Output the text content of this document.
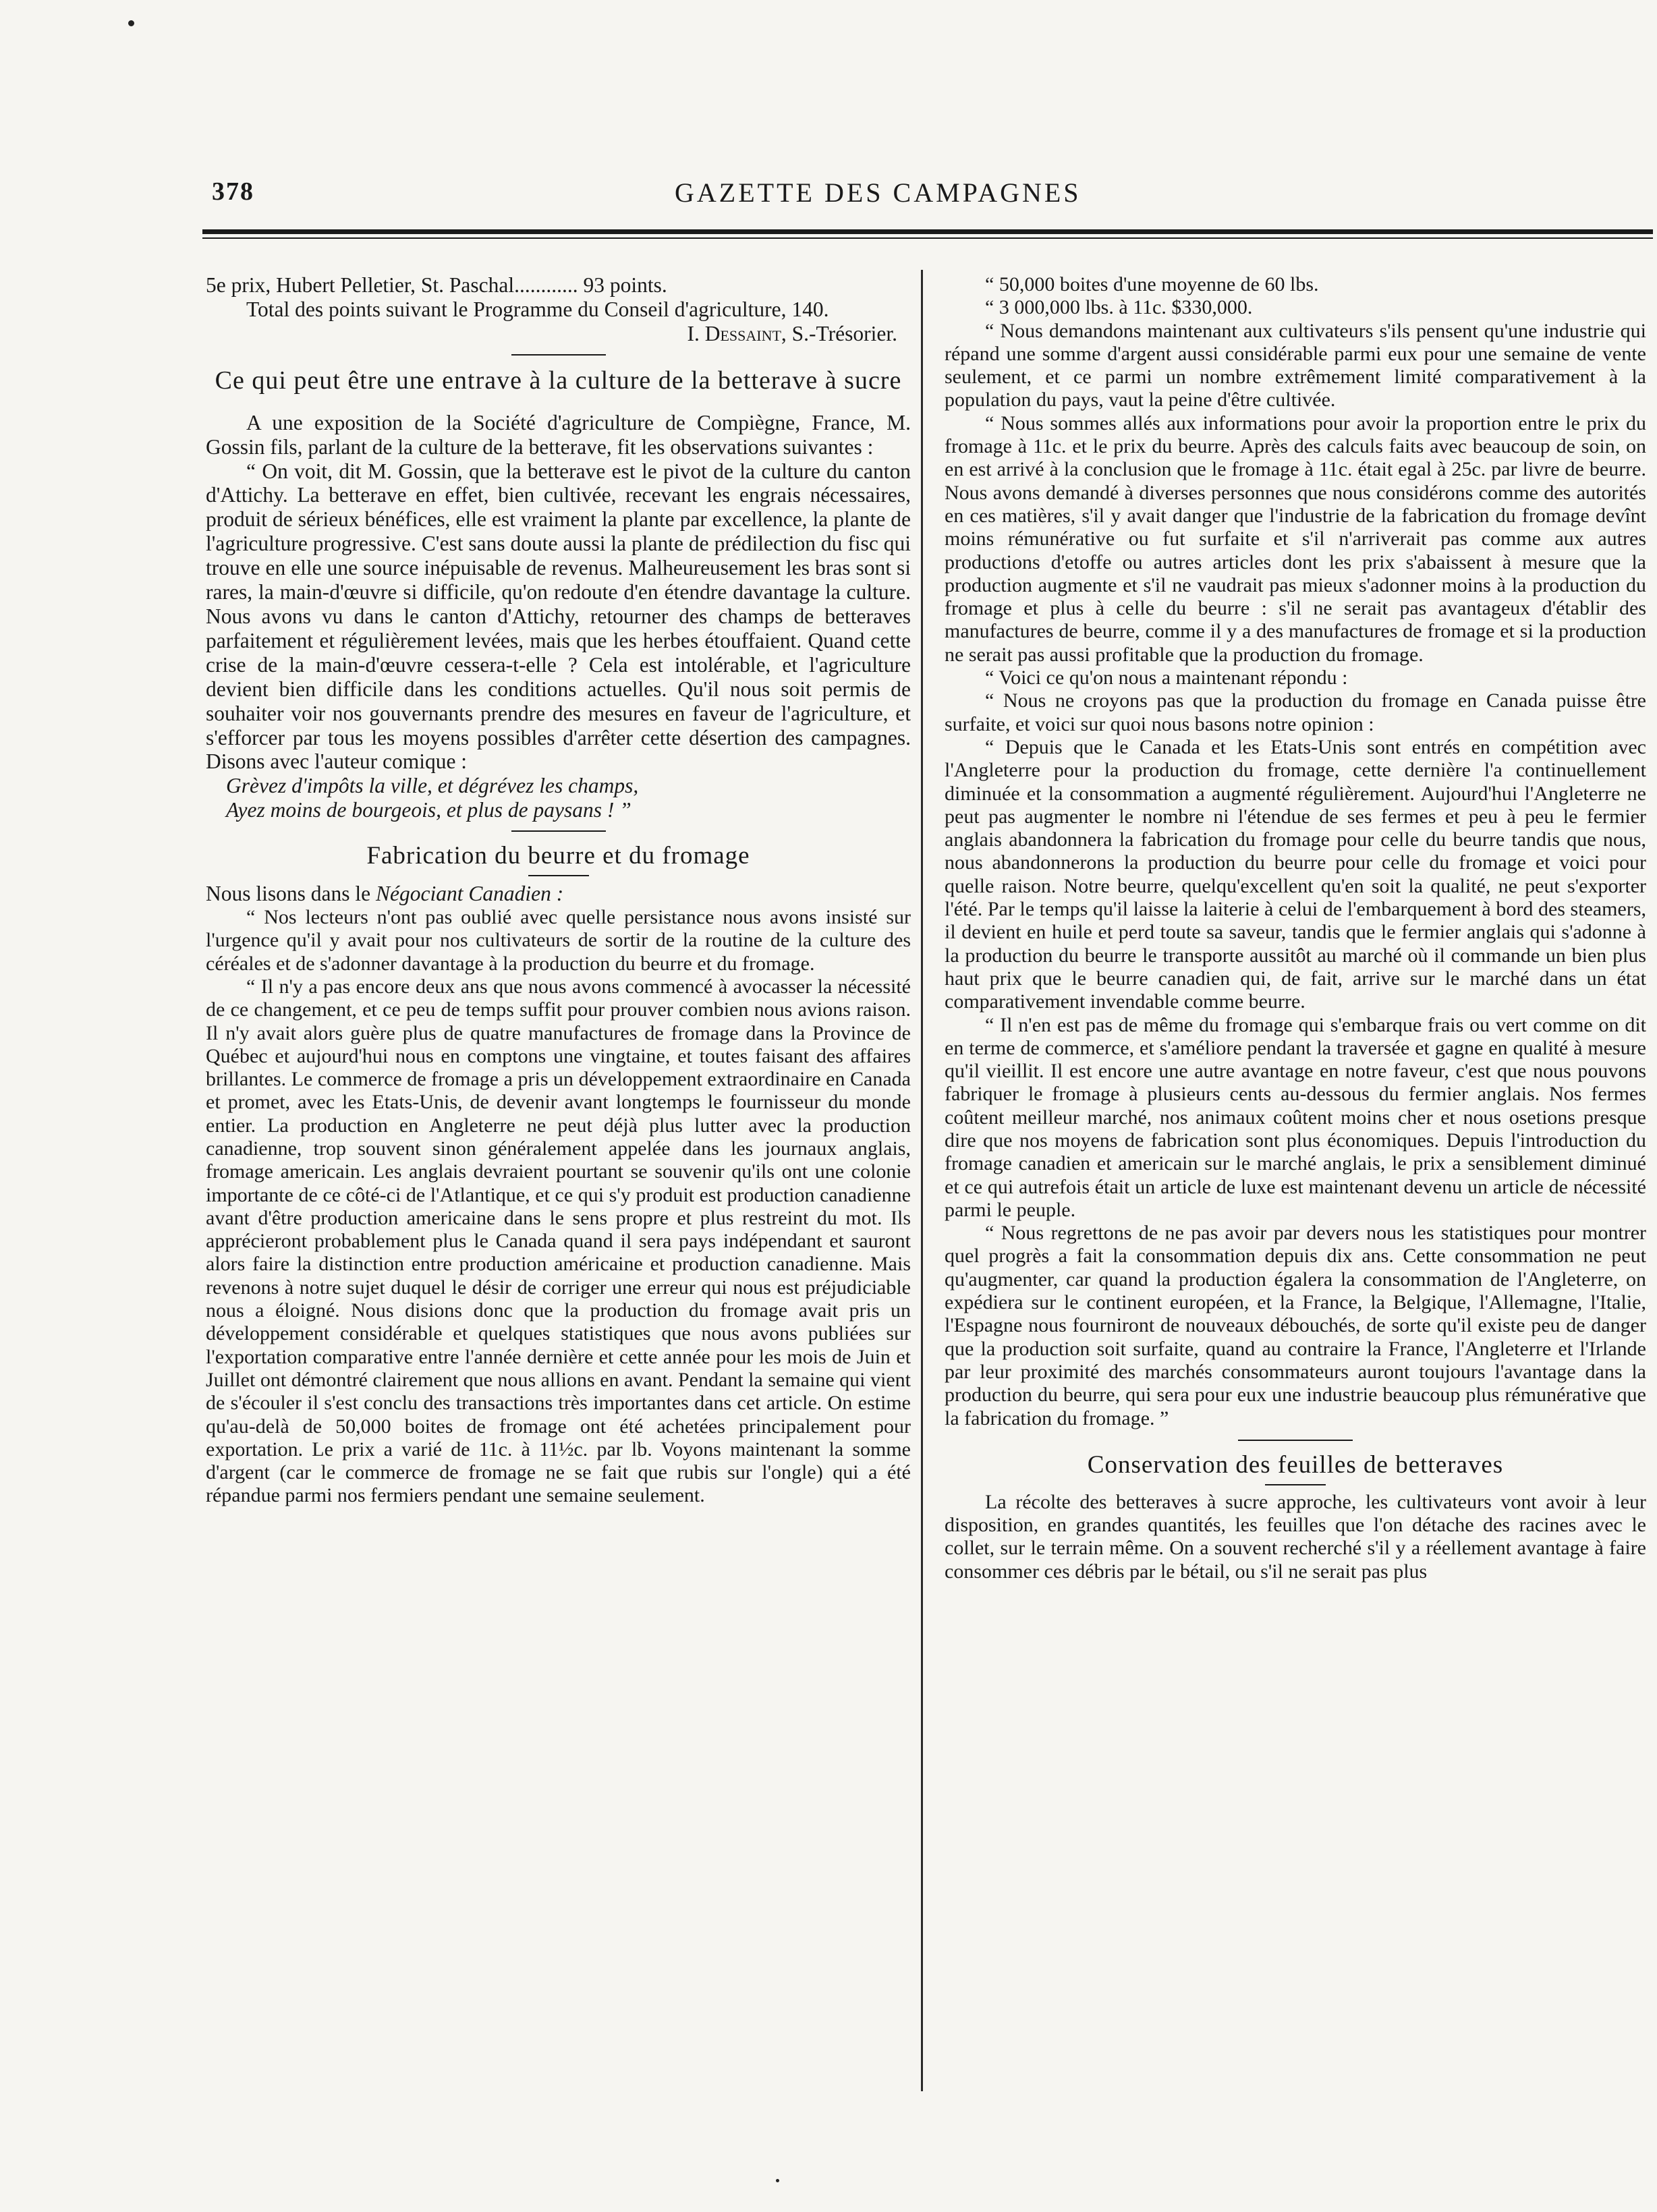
378	GAZETTE DES CAMPAGNES

5e prix, Hubert Pelletier, St. Paschal............ 93 points.

Total des points suivant le Programme du Conseil d'agriculture, 140.

I. Dessaint, S.-Trésorier.

Ce qui peut être une entrave à la culture de la betterave à sucre

A une exposition de la Société d'agriculture de Compiègne, France, M. Gossin fils, parlant de la culture de la betterave, fit les observations suivantes :

“ On voit, dit M. Gossin, que la betterave est le pivot de la culture du canton d'Attichy. La betterave en effet, bien cultivée, recevant les engrais nécessaires, produit de sérieux bénéfices, elle est vraiment la plante par excellence, la plante de l'agriculture progressive. C'est sans doute aussi la plante de prédilection du fisc qui trouve en elle une source inépuisable de revenus. Malheureusement les bras sont si rares, la main-d'œuvre si difficile, qu'on redoute d'en étendre davantage la culture. Nous avons vu dans le canton d'Attichy, retourner des champs de betteraves parfaitement et régulièrement levées, mais que les herbes étouffaient. Quand cette crise de la main-d'œuvre cessera-t-elle ? Cela est intolérable, et l'agriculture devient bien difficile dans les conditions actuelles. Qu'il nous soit permis de souhaiter voir nos gouvernants prendre des mesures en faveur de l'agriculture, et s'efforcer par tous les moyens possibles d'arrêter cette désertion des campagnes. Disons avec l'auteur comique :

Grèvez d'impôts la ville, et dégrévez les champs,

Ayez moins de bourgeois, et plus de paysans ! ”

Fabrication du beurre et du fromage

Nous lisons dans le Négociant Canadien :

“ Nos lecteurs n'ont pas oublié avec quelle persistance nous avons insisté sur l'urgence qu'il y avait pour nos cultivateurs de sortir de la routine de la culture des céréales et de s'adonner davantage à la production du beurre et du fromage.

“ Il n'y a pas encore deux ans que nous avons commencé à avocasser la nécessité de ce changement, et ce peu de temps suffit pour prouver combien nous avions raison. Il n'y avait alors guère plus de quatre manufactures de fromage dans la Province de Québec et aujourd'hui nous en comptons une vingtaine, et toutes faisant des affaires brillantes. Le commerce de fromage a pris un développement extraordinaire en Canada et promet, avec les Etats-Unis, de devenir avant longtemps le fournisseur du monde entier. La production en Angleterre ne peut déjà plus lutter avec la production canadienne, trop souvent sinon généralement appelée dans les journaux anglais, fromage americain. Les anglais devraient pourtant se souvenir qu'ils ont une colonie importante de ce côté-ci de l'Atlantique, et ce qui s'y produit est production canadienne avant d'être production americaine dans le sens propre et plus restreint du mot. Ils apprécieront probablement plus le Canada quand il sera pays indépendant et sauront alors faire la distinction entre production américaine et production canadienne. Mais revenons à notre sujet duquel le désir de corriger une erreur qui nous est préjudiciable nous a éloigné. Nous disions donc que la production du fromage avait pris un développement considérable et quelques statistiques que nous avons publiées sur l'exportation comparative entre l'année dernière et cette année pour les mois de Juin et Juillet ont démontré clairement que nous allions en avant. Pendant la semaine qui vient de s'écouler il s'est conclu des transactions très importantes dans cet article. On estime qu'au-delà de 50,000 boites de fromage ont été achetées principalement pour exportation. Le prix a varié de 11c. à 11½c. par lb. Voyons maintenant la somme d'argent (car le commerce de fromage ne se fait que rubis sur l'ongle) qui a été répandue parmi nos fermiers pendant une semaine seulement.

“ 50,000 boites d'une moyenne de 60 lbs.

“ 3 000,000 lbs. à 11c. $330,000.

“ Nous demandons maintenant aux cultivateurs s'ils pensent qu'une industrie qui répand une somme d'argent aussi considérable parmi eux pour une semaine de vente seulement, et ce parmi un nombre extrêmement limité comparativement à la population du pays, vaut la peine d'être cultivée.

“ Nous sommes allés aux informations pour avoir la proportion entre le prix du fromage à 11c. et le prix du beurre. Après des calculs faits avec beaucoup de soin, on en est arrivé à la conclusion que le fromage à 11c. était egal à 25c. par livre de beurre. Nous avons demandé à diverses personnes que nous considérons comme des autorités en ces matières, s'il y avait danger que l'industrie de la fabrication du fromage devînt moins rémunérative ou fut surfaite et s'il n'arriverait pas comme aux autres productions d'etoffe ou autres articles dont les prix s'abaissent à mesure que la production augmente et s'il ne vaudrait pas mieux s'adonner moins à la production du fromage et plus à celle du beurre : s'il ne serait pas avantageux d'établir des manufactures de beurre, comme il y a des manufactures de fromage et si la production ne serait pas aussi profitable que la production du fromage.

“ Voici ce qu'on nous a maintenant répondu :

“ Nous ne croyons pas que la production du fromage en Canada puisse être surfaite, et voici sur quoi nous basons notre opinion :

“ Depuis que le Canada et les Etats-Unis sont entrés en compétition avec l'Angleterre pour la production du fromage, cette dernière l'a continuellement diminuée et la consommation a augmenté régulièrement. Aujourd'hui l'Angleterre ne peut pas augmenter le nombre ni l'étendue de ses fermes et peu à peu le fermier anglais abandonnera la fabrication du fromage pour celle du beurre tandis que nous, nous abandonnerons la production du beurre pour celle du fromage et voici pour quelle raison. Notre beurre, quelqu'excellent qu'en soit la qualité, ne peut s'exporter l'été. Par le temps qu'il laisse la laiterie à celui de l'embarquement à bord des steamers, il devient en huile et perd toute sa saveur, tandis que le fermier anglais qui s'adonne à la production du beurre le transporte aussitôt au marché où il commande un bien plus haut prix que le beurre canadien qui, de fait, arrive sur le marché dans un état comparativement invendable comme beurre.

“ Il n'en est pas de même du fromage qui s'embarque frais ou vert comme on dit en terme de commerce, et s'améliore pendant la traversée et gagne en qualité à mesure qu'il vieillit. Il est encore une autre avantage en notre faveur, c'est que nous pouvons fabriquer le fromage à plusieurs cents au-dessous du fermier anglais. Nos fermes coûtent meilleur marché, nos animaux coûtent moins cher et nous osetions presque dire que nos moyens de fabrication sont plus économiques. Depuis l'introduction du fromage canadien et americain sur le marché anglais, le prix a sensiblement diminué et ce qui autrefois était un article de luxe est maintenant devenu un article de nécessité parmi le peuple.

“ Nous regrettons de ne pas avoir par devers nous les statistiques pour montrer quel progrès a fait la consommation depuis dix ans. Cette consommation ne peut qu'augmenter, car quand la production égalera la consommation de l'Angleterre, on expédiera sur le continent européen, et la France, la Belgique, l'Allemagne, l'Italie, l'Espagne nous fourniront de nouveaux débouchés, de sorte qu'il existe peu de danger que la production soit surfaite, quand au contraire la France, l'Angleterre et l'Irlande par leur proximité des marchés consommateurs auront toujours l'avantage dans la production du beurre, qui sera pour eux une industrie beaucoup plus rémunérative que la fabrication du fromage. ”

Conservation des feuilles de betteraves

La récolte des betteraves à sucre approche, les cultivateurs vont avoir à leur disposition, en grandes quantités, les feuilles que l'on détache des racines avec le collet, sur le terrain même. On a souvent recherché s'il y a réellement avantage à faire consommer ces débris par le bétail, ou s'il ne serait pas plus
